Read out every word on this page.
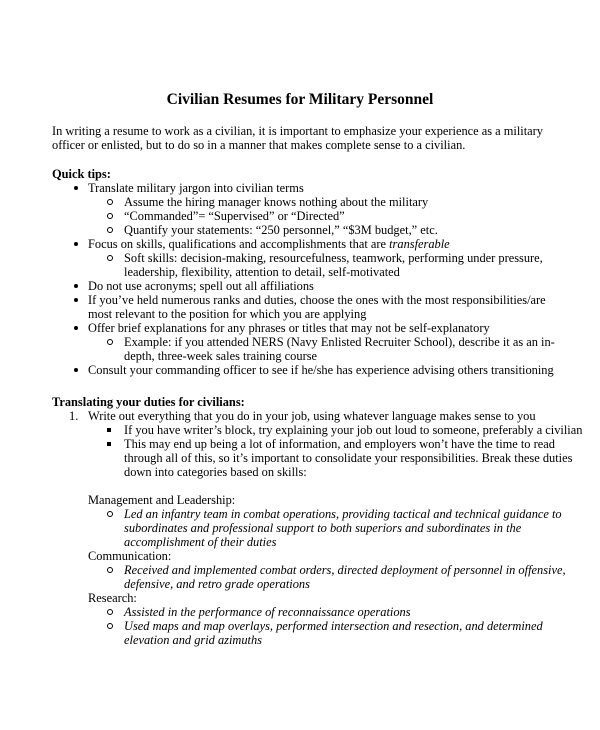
Civilian Resumes for Military Personnel
In writing a resume to work as a civilian, it is important to emphasize your experience as a military
officer or enlisted, but to do so in a manner that makes complete sense to a civilian.
Quick tips:
Translate military jargon into civilian terms
Assume the hiring manager knows nothing about the military
“Commanded”= “Supervised” or “Directed”
Quantify your statements: “250 personnel,” “$3M budget,” etc.
Focus on skills, qualifications and accomplishments that are transferable
Soft skills: decision-making, resourcefulness, teamwork, performing under pressure,
leadership, flexibility, attention to detail, self-motivated
Do not use acronyms; spell out all affiliations
If you’ve held numerous ranks and duties, choose the ones with the most responsibilities/are
most relevant to the position for which you are applying
Offer brief explanations for any phrases or titles that may not be self-explanatory
Example: if you attended NERS (Navy Enlisted Recruiter School), describe it as an in-
depth, three-week sales training course
Consult your commanding officer to see if he/she has experience advising others transitioning
Translating your duties for civilians:
1. Write out everything that you do in your job, using whatever language makes sense to you
If you have writer’s block, try explaining your job out loud to someone, preferably a civilian
This may end up being a lot of information, and employers won’t have the time to read
through all of this, so it’s important to consolidate your responsibilities. Break these duties
down into categories based on skills:
Management and Leadership:
Led an infantry team in combat operations, providing tactical and technical guidance to
subordinates and professional support to both superiors and subordinates in the
accomplishment of their duties
Communication:
Received and implemented combat orders, directed deployment of personnel in offensive,
defensive, and retro grade operations
Research:
Assisted in the performance of reconnaissance operations
Used maps and map overlays, performed intersection and resection, and determined
elevation and grid azimuths
